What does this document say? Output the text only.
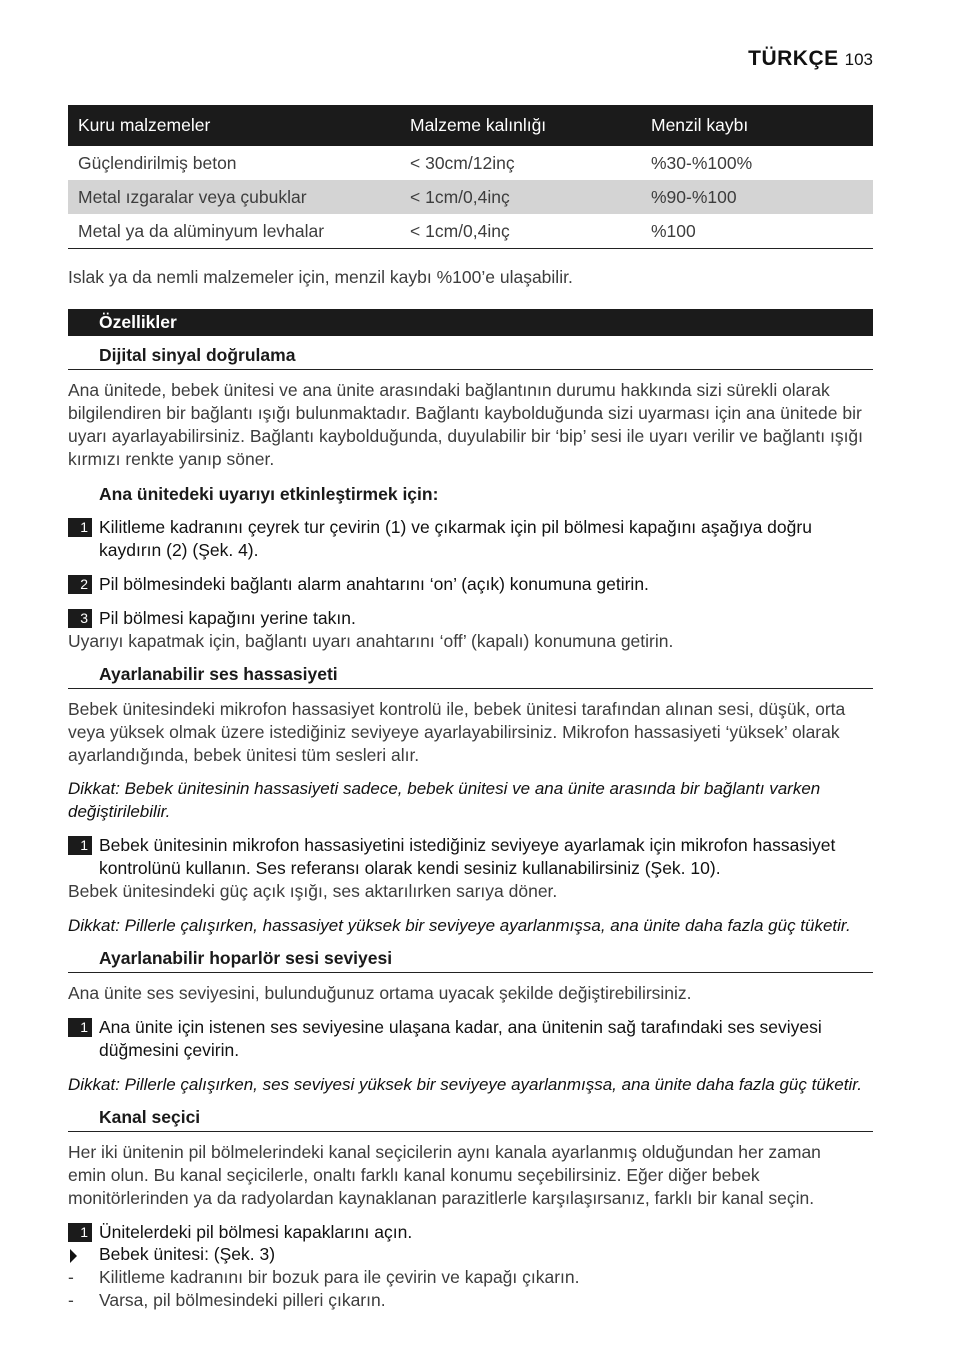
TÜRKÇE 103
Kuru malzemeler	Malzeme kalınlığı	Menzil kaybı
Güçlendirilmiş beton	< 30cm/12inç	%30-%100%
Metal ızgaralar veya çubuklar	< 1cm/0,4inç	%90-%100
Metal ya da alüminyum levhalar	< 1cm/0,4inç	%100
Islak ya da nemli malzemeler için, menzil kaybı %100’e ulaşabilir.
Özellikler
Dijital sinyal doğrulama
Ana ünitede, bebek ünitesi ve ana ünite arasındaki bağlantının durumu hakkında sizi sürekli olarak
bilgilendiren bir bağlantı ışığı bulunmaktadır. Bağlantı kaybolduğunda sizi uyarması için ana ünitede bir
uyarı ayarlayabilirsiniz. Bağlantı kaybolduğunda, duyulabilir bir ‘bip’ sesi ile uyarı verilir ve bağlantı ışığı
kırmızı renkte yanıp söner.
Ana ünitedeki uyarıyı etkinleştirmek için:
1 Kilitleme kadranını çeyrek tur çevirin (1) ve çıkarmak için pil bölmesi kapağını aşağıya doğru
kaydırın (2) (Şek. 4).
2 Pil bölmesindeki bağlantı alarm anahtarını ‘on’ (açık) konumuna getirin.
3 Pil bölmesi kapağını yerine takın.
Uyarıyı kapatmak için, bağlantı uyarı anahtarını ‘off’ (kapalı) konumuna getirin.
Ayarlanabilir ses hassasiyeti
Bebek ünitesindeki mikrofon hassasiyet kontrolü ile, bebek ünitesi tarafından alınan sesi, düşük, orta
veya yüksek olmak üzere istediğiniz seviyeye ayarlayabilirsiniz. Mikrofon hassasiyeti ‘yüksek’ olarak
ayarlandığında, bebek ünitesi tüm sesleri alır.
Dikkat: Bebek ünitesinin hassasiyeti sadece, bebek ünitesi ve ana ünite arasında bir bağlantı varken
değiştirilebilir.
1 Bebek ünitesinin mikrofon hassasiyetini istediğiniz seviyeye ayarlamak için mikrofon hassasiyet
kontrolünü kullanın. Ses referansı olarak kendi sesiniz kullanabilirsiniz (Şek. 10).
Bebek ünitesindeki güç açık ışığı, ses aktarılırken sarıya döner.
Dikkat: Pillerle çalışırken, hassasiyet yüksek bir seviyeye ayarlanmışsa, ana ünite daha fazla güç tüketir.
Ayarlanabilir hoparlör sesi seviyesi
Ana ünite ses seviyesini, bulunduğunuz ortama uyacak şekilde değiştirebilirsiniz.
1 Ana ünite için istenen ses seviyesine ulaşana kadar, ana ünitenin sağ tarafındaki ses seviyesi
düğmesini çevirin.
Dikkat: Pillerle çalışırken, ses seviyesi yüksek bir seviyeye ayarlanmışsa, ana ünite daha fazla güç tüketir.
Kanal seçici
Her iki ünitenin pil bölmelerindeki kanal seçicilerin aynı kanala ayarlanmış olduğundan her zaman
emin olun. Bu kanal seçicilerle, onaltı farklı kanal konumu seçebilirsiniz. Eğer diğer bebek
monitörlerinden ya da radyolardan kaynaklanan parazitlerle karşılaşırsanız, farklı bir kanal seçin.
1 Ünitelerdeki pil bölmesi kapaklarını açın.
Bebek ünitesi: (Şek. 3)
-	Kilitleme kadranını bir bozuk para ile çevirin ve kapağı çıkarın.
-	Varsa, pil bölmesindeki pilleri çıkarın.
